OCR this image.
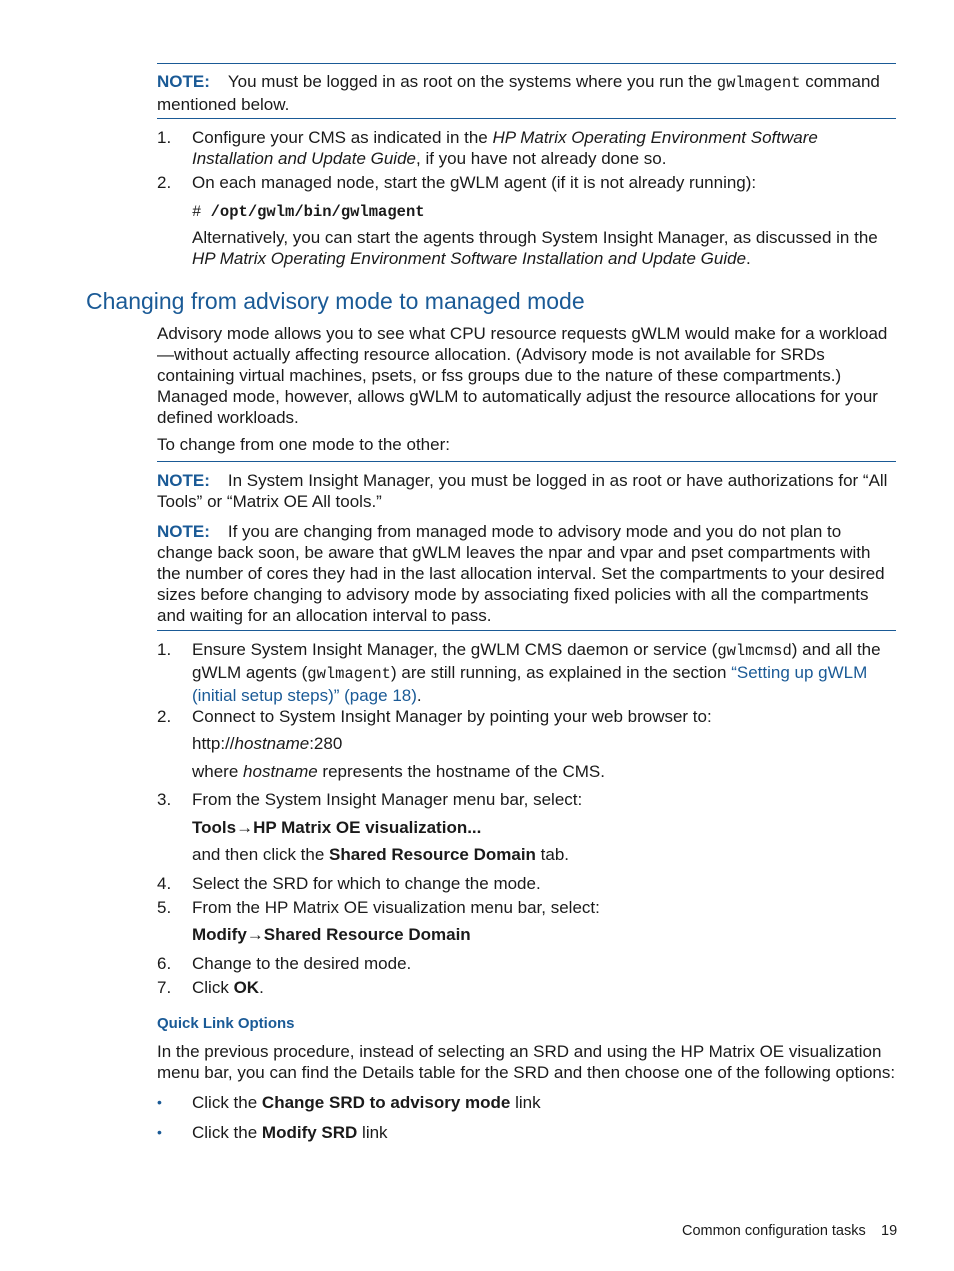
NOTE: You must be logged in as root on the systems where you run the gwlmagent command mentioned below.
1. Configure your CMS as indicated in the HP Matrix Operating Environment Software Installation and Update Guide, if you have not already done so.
2. On each managed node, start the gWLM agent (if it is not already running):
# /opt/gwlm/bin/gwlmagent
Alternatively, you can start the agents through System Insight Manager, as discussed in the HP Matrix Operating Environment Software Installation and Update Guide.
Changing from advisory mode to managed mode
Advisory mode allows you to see what CPU resource requests gWLM would make for a workload—without actually affecting resource allocation. (Advisory mode is not available for SRDs containing virtual machines, psets, or fss groups due to the nature of these compartments.) Managed mode, however, allows gWLM to automatically adjust the resource allocations for your defined workloads.
To change from one mode to the other:
NOTE: In System Insight Manager, you must be logged in as root or have authorizations for “All Tools” or “Matrix OE All tools.”
NOTE: If you are changing from managed mode to advisory mode and you do not plan to change back soon, be aware that gWLM leaves the npar and vpar and pset compartments with the number of cores they had in the last allocation interval. Set the compartments to your desired sizes before changing to advisory mode by associating fixed policies with all the compartments and waiting for an allocation interval to pass.
1. Ensure System Insight Manager, the gWLM CMS daemon or service (gwlmcmsd) and all the gWLM agents (gwlmagent) are still running, as explained in the section “Setting up gWLM (initial setup steps)” (page 18).
2. Connect to System Insight Manager by pointing your web browser to:
http://hostname:280
where hostname represents the hostname of the CMS.
3. From the System Insight Manager menu bar, select:
Tools→HP Matrix OE visualization...
and then click the Shared Resource Domain tab.
4. Select the SRD for which to change the mode.
5. From the HP Matrix OE visualization menu bar, select:
Modify→Shared Resource Domain
6. Change to the desired mode.
7. Click OK.
Quick Link Options
In the previous procedure, instead of selecting an SRD and using the HP Matrix OE visualization menu bar, you can find the Details table for the SRD and then choose one of the following options:
• Click the Change SRD to advisory mode link
• Click the Modify SRD link
Common configuration tasks 19
